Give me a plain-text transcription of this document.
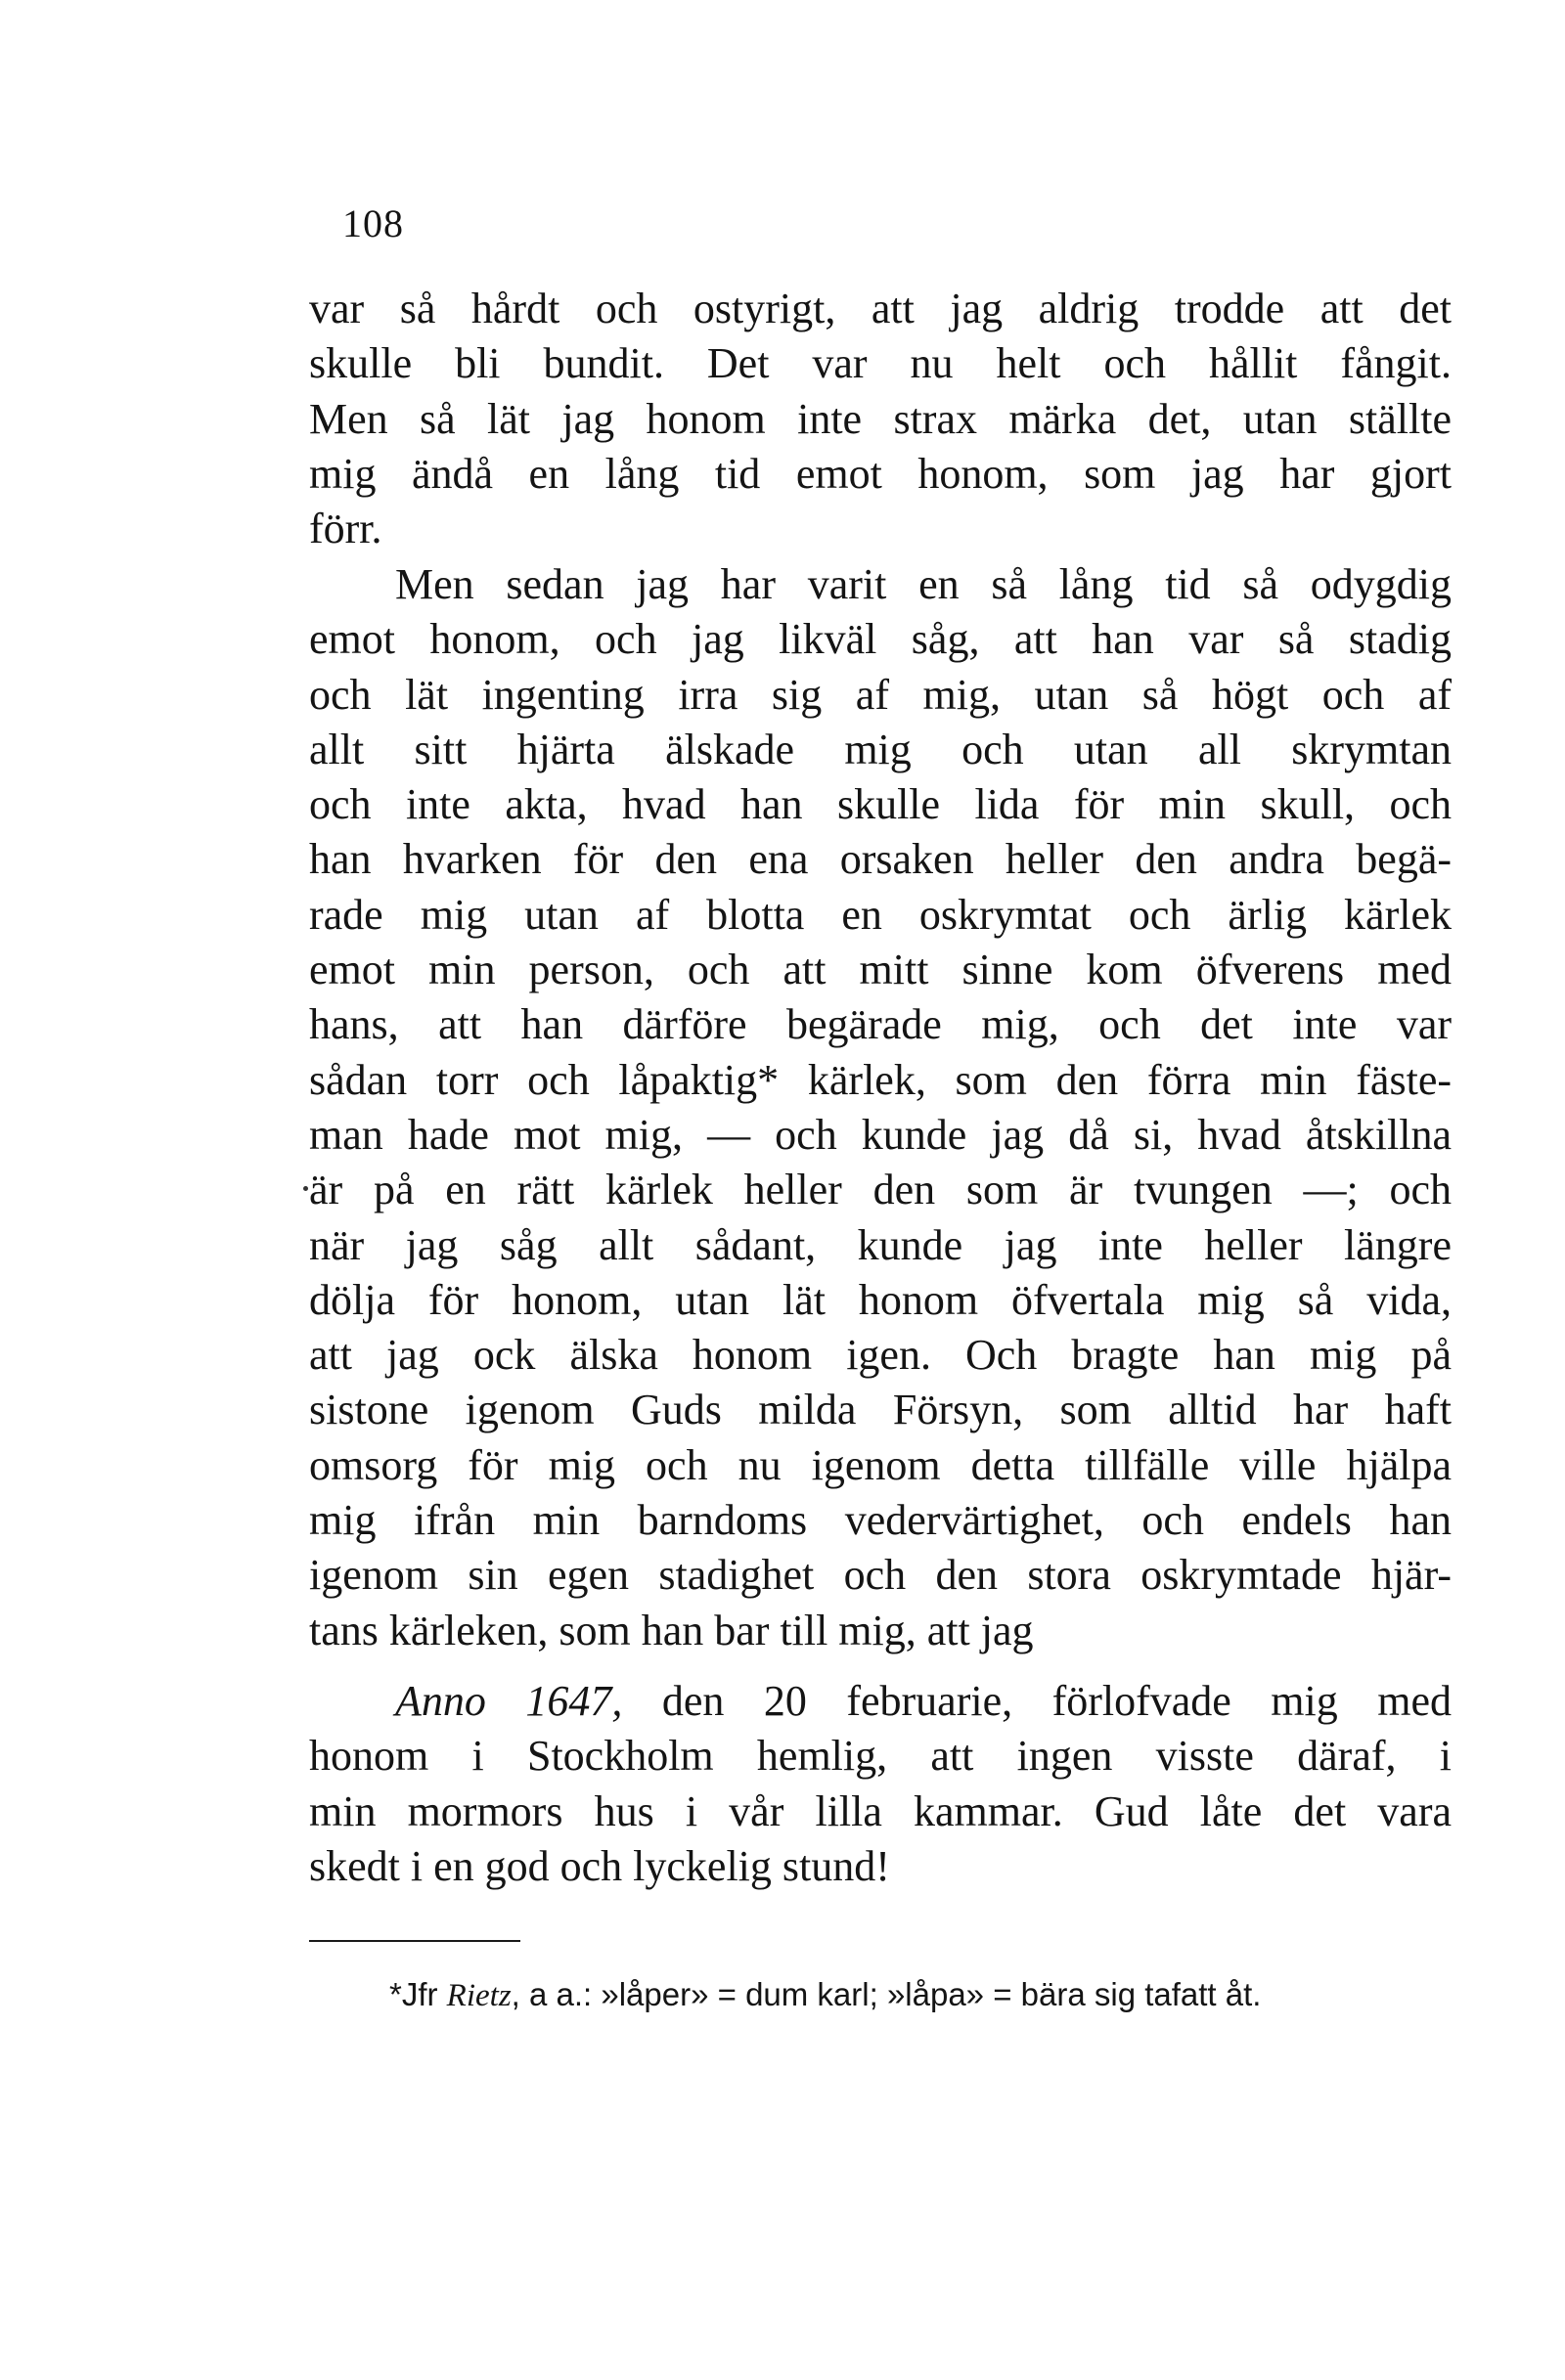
108
var så hårdt och ostyrigt, att jag aldrig trodde att det
skulle bli bundit. Det var nu helt och hållit fångit.
Men så lät jag honom inte strax märka det, utan ställte
mig ändå en lång tid emot honom, som jag har gjort
förr.
Men sedan jag har varit en så lång tid så odygdig
emot honom, och jag likväl såg, att han var så stadig
och lät ingenting irra sig af mig, utan så högt och af
allt sitt hjärta älskade mig och utan all skrymtan
och inte akta, hvad han skulle lida för min skull, och
han hvarken för den ena orsaken heller den andra begä-
rade mig utan af blotta en oskrymtat och ärlig kärlek
emot min person, och att mitt sinne kom öfverens med
hans, att han därföre begärade mig, och det inte var
sådan torr och låpaktig* kärlek, som den förra min fäste-
man hade mot mig, — och kunde jag då si, hvad åtskillna
är på en rätt kärlek heller den som är tvungen —; och
när jag såg allt sådant, kunde jag inte heller längre
dölja för honom, utan lät honom öfvertala mig så vida,
att jag ock älska honom igen. Och bragte han mig på
sistone igenom Guds milda Försyn, som alltid har haft
omsorg för mig och nu igenom detta tillfälle ville hjälpa
mig ifrån min barndoms vedervärtighet, och endels han
igenom sin egen stadighet och den stora oskrymtade hjär-
tans kärleken, som han bar till mig, att jag
Anno 1647, den 20 februarie, förlofvade mig med
honom i Stockholm hemlig, att ingen visste däraf, i
min mormors hus i vår lilla kammar. Gud låte det vara
skedt i en god och lyckelig stund!
*Jfr Rietz, a a.: »låper» = dum karl; »låpa» = bära sig tafatt åt.
